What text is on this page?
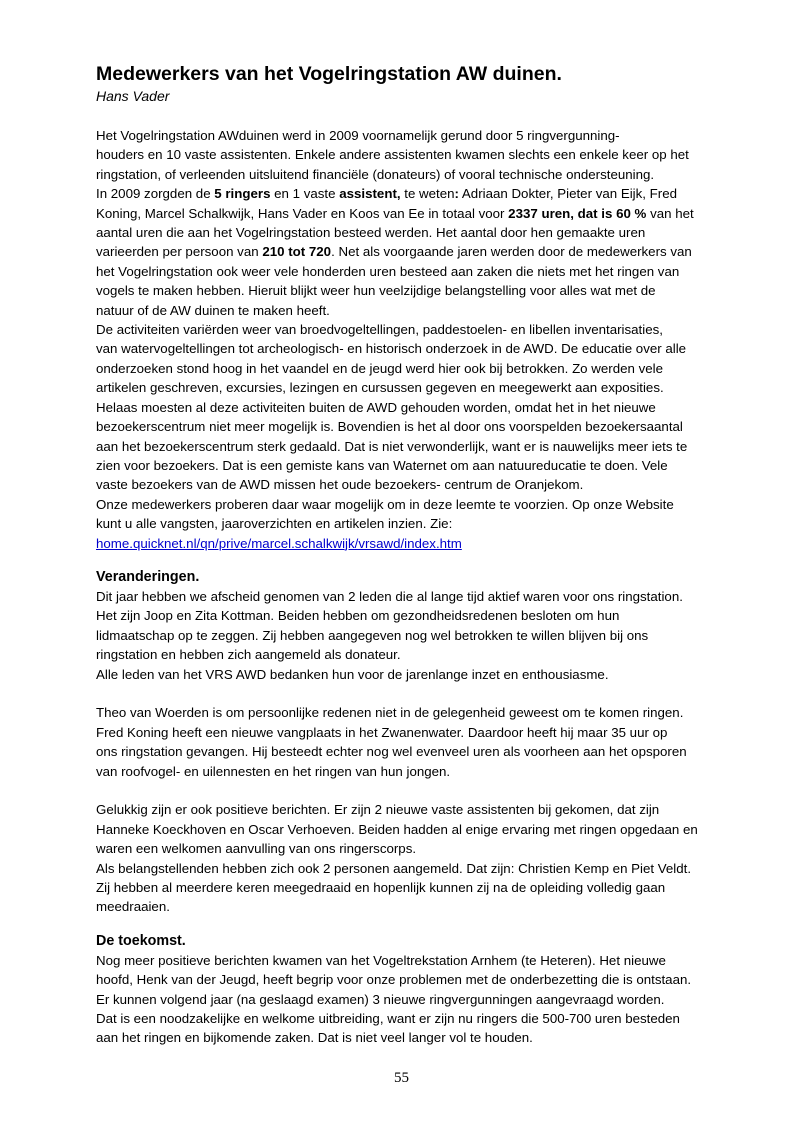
Medewerkers van het Vogelringstation AW duinen.
Hans Vader

Het Vogelringstation AWduinen werd in 2009 voornamelijk gerund door 5 ringvergunning-
houders en 10 vaste assistenten. Enkele andere assistenten kwamen slechts een enkele keer op het
ringstation, of verleenden uitsluitend financiële (donateurs) of vooral technische ondersteuning.
In 2009 zorgden de 5 ringers en 1 vaste assistent, te weten: Adriaan Dokter, Pieter van Eijk, Fred
Koning, Marcel Schalkwijk, Hans Vader en Koos van Ee in totaal voor 2337 uren, dat is 60 % van het
aantal uren die aan het Vogelringstation besteed werden. Het aantal door hen gemaakte uren
varieerden per persoon van 210 tot 720. Net als voorgaande jaren werden door de medewerkers van
het Vogelringstation ook weer vele honderden uren besteed aan zaken die niets met het ringen van
vogels te maken hebben. Hieruit blijkt weer hun veelzijdige belangstelling voor alles wat met de
natuur of de AW duinen te maken heeft.
De activiteiten variërden weer van broedvogeltellingen, paddestoelen- en libellen inventarisaties,
van watervogeltellingen tot archeologisch- en historisch onderzoek in de AWD. De educatie over alle
onderzoeken stond hoog in het vaandel en de jeugd werd hier ook bij betrokken. Zo werden vele
artikelen geschreven, excursies, lezingen en cursussen gegeven en meegewerkt aan exposities.
Helaas moesten al deze activiteiten buiten de AWD gehouden worden, omdat het in het nieuwe
bezoekerscentrum niet meer mogelijk is. Bovendien is het al door ons voorspelden bezoekersaantal
aan het bezoekerscentrum sterk gedaald. Dat is niet verwonderlijk, want er is nauwelijks meer iets te
zien voor bezoekers. Dat is een gemiste kans van Waternet om aan natuureducatie te doen. Vele
vaste bezoekers van de AWD missen het oude bezoekers- centrum de Oranjekom.
Onze medewerkers proberen daar waar mogelijk om in deze leemte te voorzien. Op onze Website
kunt u alle vangsten, jaaroverzichten en artikelen inzien. Zie:
home.quicknet.nl/qn/prive/marcel.schalkwijk/vrsawd/index.htm

Veranderingen.

Dit jaar hebben we afscheid genomen van 2 leden die al lange tijd aktief waren voor ons ringstation.
Het zijn Joop en Zita Kottman. Beiden hebben om gezondheidsredenen besloten om hun
lidmaatschap op te zeggen. Zij hebben aangegeven nog wel betrokken te willen blijven bij ons
ringstation en hebben zich aangemeld als donateur.
Alle leden van het VRS AWD bedanken hun voor de jarenlange inzet en enthousiasme.

Theo van Woerden is om persoonlijke redenen niet in de gelegenheid geweest om te komen ringen.
Fred Koning heeft een nieuwe vangplaats in het Zwanenwater. Daardoor heeft hij maar 35 uur op
ons ringstation gevangen. Hij besteedt echter nog wel evenveel uren als voorheen aan het opsporen
van roofvogel- en uilennesten en het ringen van hun jongen.

Gelukkig zijn er ook positieve berichten. Er zijn 2 nieuwe vaste assistenten bij gekomen, dat zijn
Hanneke Koeckhoven en Oscar Verhoeven. Beiden hadden al enige ervaring met ringen opgedaan en
waren een welkomen aanvulling van ons ringerscorps.
Als belangstellenden hebben zich ook 2 personen aangemeld. Dat zijn: Christien Kemp en Piet Veldt.
Zij hebben al meerdere keren meegedraaid en hopenlijk kunnen zij na de opleiding volledig gaan
meedraaien.

De toekomst.

Nog meer positieve berichten kwamen van het Vogeltrekstation Arnhem (te Heteren). Het nieuwe
hoofd, Henk van der Jeugd, heeft begrip voor onze problemen met de onderbezetting die is ontstaan.
Er kunnen volgend jaar (na geslaagd examen) 3 nieuwe ringvergunningen aangevraagd worden.
Dat is een noodzakelijke en welkome uitbreiding, want er zijn nu ringers die 500-700 uren besteden
aan het ringen en bijkomende zaken. Dat is niet veel langer vol te houden.

55
